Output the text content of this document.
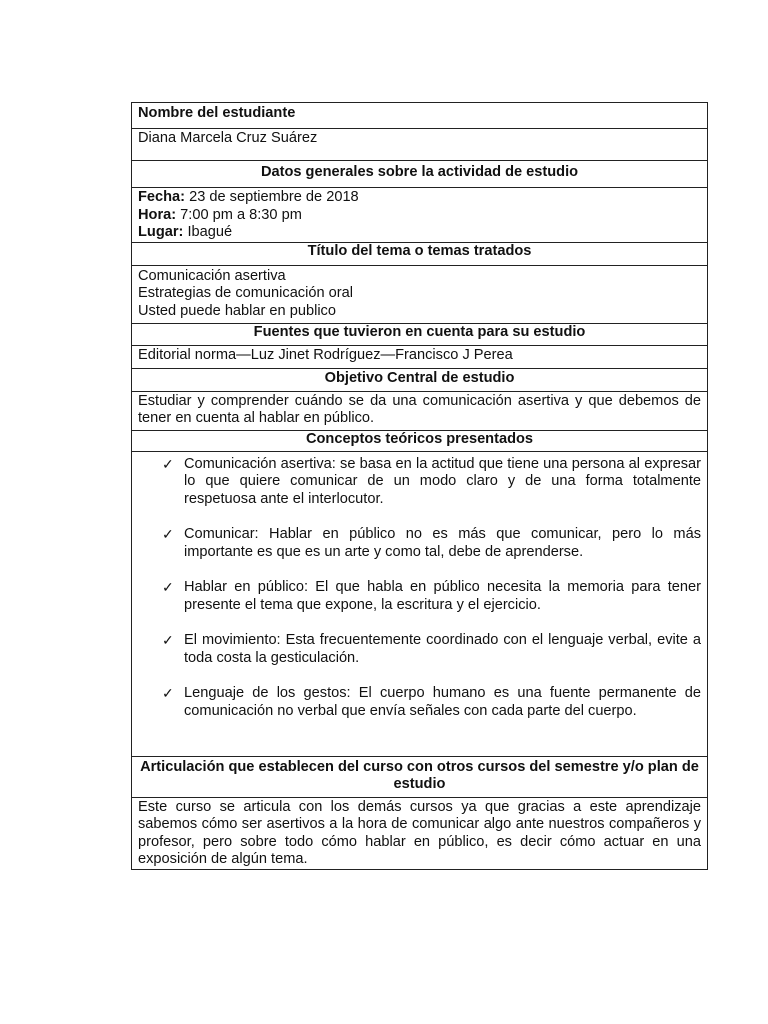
Nombre del estudiante
Diana Marcela Cruz Suárez
Datos generales sobre la actividad de estudio

Fecha: 23 de septiembre de 2018
Hora: 7:00 pm a 8:30 pm
Lugar: Ibagué

Título del tema o temas tratados

Comunicación asertiva
Estrategias de comunicación oral
Usted puede hablar en publico

Fuentes que tuvieron en cuenta para su estudio
Editorial norma—Luz Jinet Rodríguez—Francisco J Perea
Objetivo Central de estudio
Estudiar y comprender cuándo se da una comunicación asertiva y que debemos de tener en cuenta al hablar en público.
Conceptos teóricos presentados

✓ Comunicación asertiva: se basa en la actitud que tiene una persona al expresar lo que quiere comunicar de un modo claro y de una forma totalmente respetuosa ante el interlocutor.
✓ Comunicar: Hablar en público no es más que comunicar, pero lo más importante es que es un arte y como tal, debe de aprenderse.
✓ Hablar en público: El que habla en público necesita la memoria para tener presente el tema que expone, la escritura y el ejercicio.
✓ El movimiento: Esta frecuentemente coordinado con el lenguaje verbal, evite a toda costa la gesticulación.
✓ Lenguaje de los gestos: El cuerpo humano es una fuente permanente de comunicación no verbal que envía señales con cada parte del cuerpo.

Articulación que establecen del curso con otros cursos del semestre y/o plan de estudio
Este curso se articula con los demás cursos ya que gracias a este aprendizaje sabemos cómo ser asertivos a la hora de comunicar algo ante nuestros compañeros y profesor, pero sobre todo cómo hablar en público, es decir cómo actuar en una exposición de algún tema.
